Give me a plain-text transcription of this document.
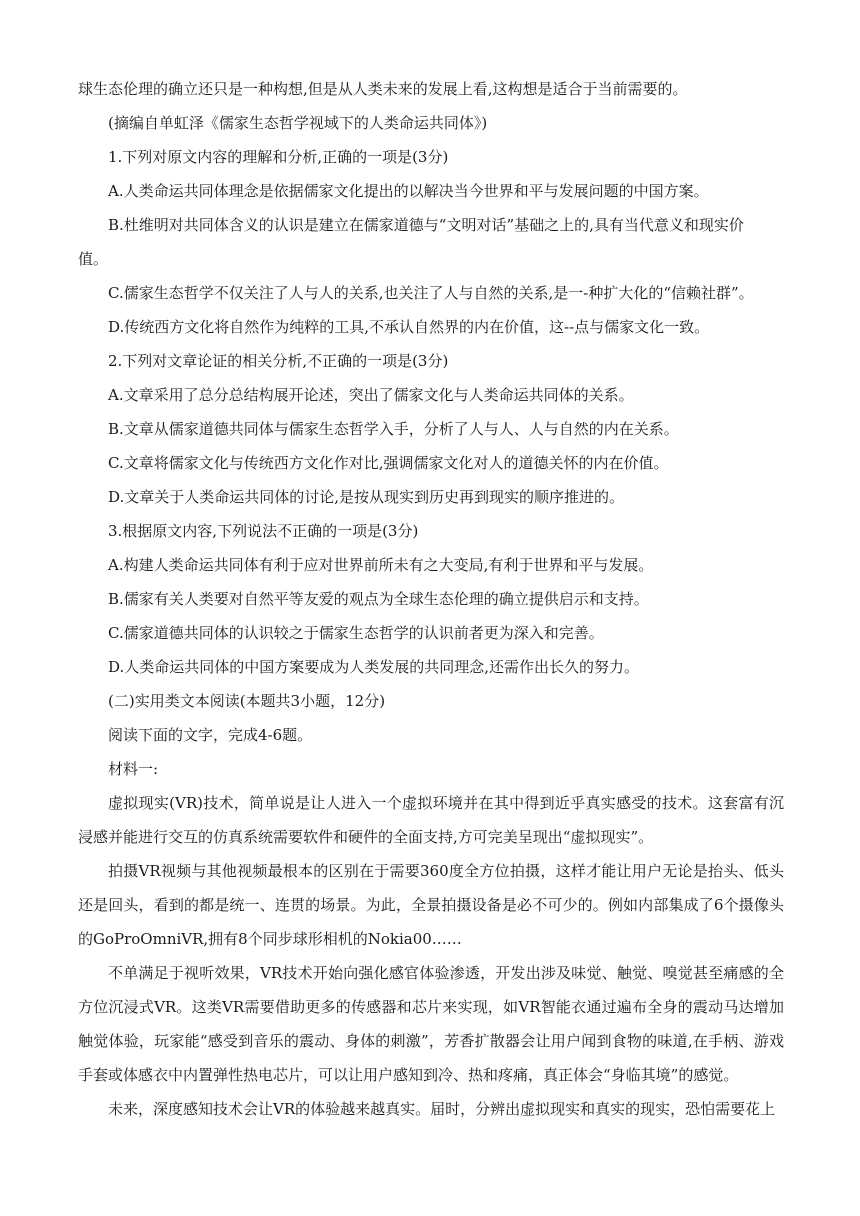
球生态伦理的确立还只是一种构想,但是从人类未来的发展上看,这构想是适合于当前需要的。
(摘编自单虹泽《儒家生态哲学视域下的人类命运共同体》)
1.下列对原文内容的理解和分析,正确的一项是(3分)
A.人类命运共同体理念是依据儒家文化提出的以解决当今世界和平与发展问题的中国方案。
B.杜维明对共同体含义的认识是建立在儒家道德与“文明对话”基础之上的,具有当代意义和现实价
值。
C.儒家生态哲学不仅关注了人与人的关系,也关注了人与自然的关系,是一-种扩大化的“信赖社群”。
D.传统西方文化将自然作为纯粹的工具,不承认自然界的内在价值，这--点与儒家文化一致。
2.下列对文章论证的相关分析,不正确的一项是(3分)
A.文章采用了总分总结构展开论述，突出了儒家文化与人类命运共同体的关系。
B.文章从儒家道德共同体与儒家生态哲学入手，分析了人与人、人与自然的内在关系。
C.文章将儒家文化与传统西方文化作对比,强调儒家文化对人的道德关怀的内在价值。
D.文章关于人类命运共同体的讨论,是按从现实到历史再到现实的顺序推进的。
3.根据原文内容,下列说法不正确的一项是(3分)
A.构建人类命运共同体有利于应对世界前所未有之大变局,有利于世界和平与发展。
B.儒家有关人类要对自然平等友爱的观点为全球生态伦理的确立提供启示和支持。
C.儒家道德共同体的认识较之于儒家生态哲学的认识前者更为深入和完善。
D.人类命运共同体的中国方案要成为人类发展的共同理念,还需作出长久的努力。
(二)实用类文本阅读(本题共3小题，12分)
阅读下面的文字，完成4-6题。
材料一:
虚拟现实(VR)技术，简单说是让人进入一个虚拟环境并在其中得到近乎真实感受的技术。这套富有沉浸感并能进行交互的仿真系统需要软件和硬件的全面支持,方可完美呈现出“虚拟现实”。
拍摄VR视频与其他视频最根本的区别在于需要360度全方位拍摄，这样才能让用户无论是抬头、低头还是回头，看到的都是统一、连贯的场景。为此，全景拍摄设备是必不可少的。例如内部集成了6个摄像头的GoProOmniVR,拥有8个同步球形相机的Nokia00……
不单满足于视听效果，VR技术开始向强化感官体验渗透，开发出涉及味觉、触觉、嗅觉甚至痛感的全方位沉浸式VR。这类VR需要借助更多的传感器和芯片来实现，如VR智能衣通过遍布全身的震动马达增加触觉体验，玩家能“感受到音乐的震动、身体的刺激”，芳香扩散器会让用户闻到食物的味道,在手柄、游戏手套或体感衣中内置弹性热电芯片，可以让用户感知到冷、热和疼痛，真正体会“身临其境”的感觉。
未来，深度感知技术会让VR的体验越来越真实。届时，分辨出虚拟现实和真实的现实，恐怕需要花上
